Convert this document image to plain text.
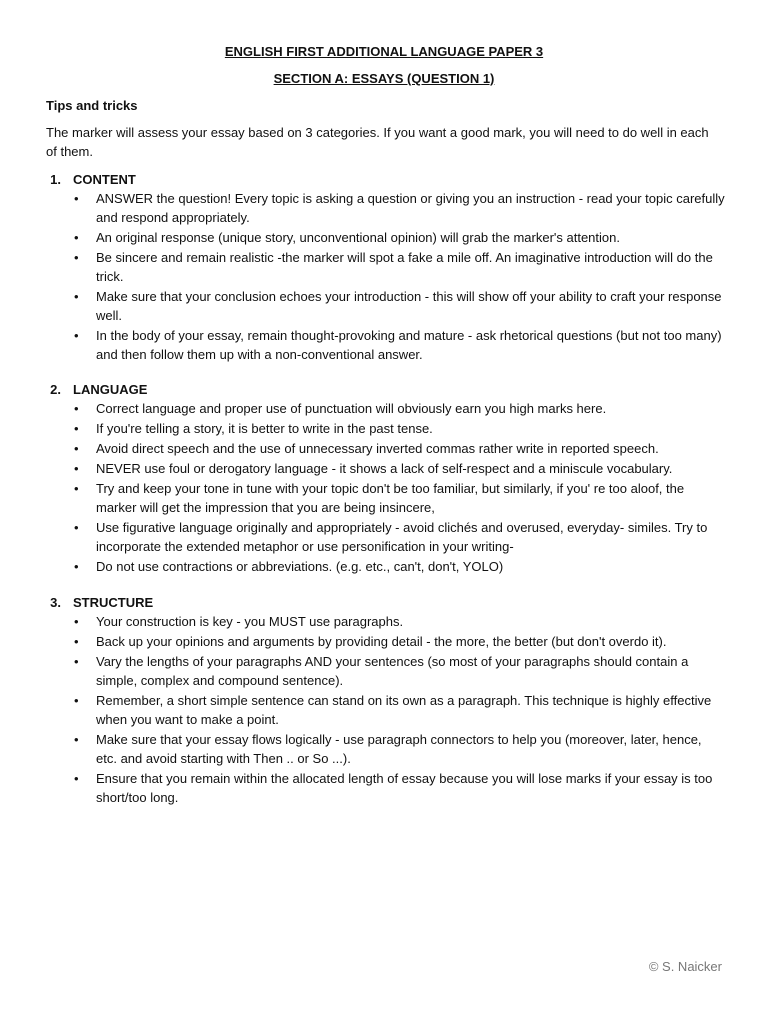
ENGLISH FIRST ADDITIONAL LANGUAGE PAPER 3
SECTION A: ESSAYS (QUESTION 1)
Tips and tricks
The marker will assess your essay based on 3 categories. If you want a good mark, you will need to do well in each of them.
1. CONTENT
• ANSWER the question! Every topic is asking a question or giving you an instruction - read your topic carefully and respond appropriately.
• An original response (unique story, unconventional opinion) will grab the marker's attention.
• Be sincere and remain realistic -the marker will spot a fake a mile off. An imaginative introduction will do the trick.
• Make sure that your conclusion echoes your introduction - this will show off your ability to craft your response well.
• In the body of your essay, remain thought-provoking and mature - ask rhetorical questions (but not too many) and then follow them up with a non-conventional answer.
2. LANGUAGE
• Correct language and proper use of punctuation will obviously earn you high marks here.
• If you're telling a story, it is better to write in the past tense.
• Avoid direct speech and the use of unnecessary inverted commas rather write in reported speech.
• NEVER use foul or derogatory language - it shows a lack of self-respect and a miniscule vocabulary.
• Try and keep your tone in tune with your topic don't be too familiar, but similarly, if you' re too aloof, the marker will get the impression that you are being insincere,
• Use figurative language originally and appropriately - avoid clichés and overused, everyday- similes. Try to incorporate the extended metaphor or use personification in your writing-
• Do not use contractions or abbreviations. (e.g. etc., can't, don't, YOLO)
3. STRUCTURE
• Your construction is key - you MUST use paragraphs.
• Back up your opinions and arguments by providing detail - the more, the better (but don't overdo it).
• Vary the lengths of your paragraphs AND your sentences (so most of your paragraphs should contain a simple, complex and compound sentence).
• Remember, a short simple sentence can stand on its own as a paragraph. This technique is highly effective when you want to make a point.
• Make sure that your essay flows logically - use paragraph connectors to help you (moreover, later, hence, etc. and avoid starting with Then .. or So ...).
• Ensure that you remain within the allocated length of essay because you will lose marks if your essay is too short/too long.
© S. Naicker
